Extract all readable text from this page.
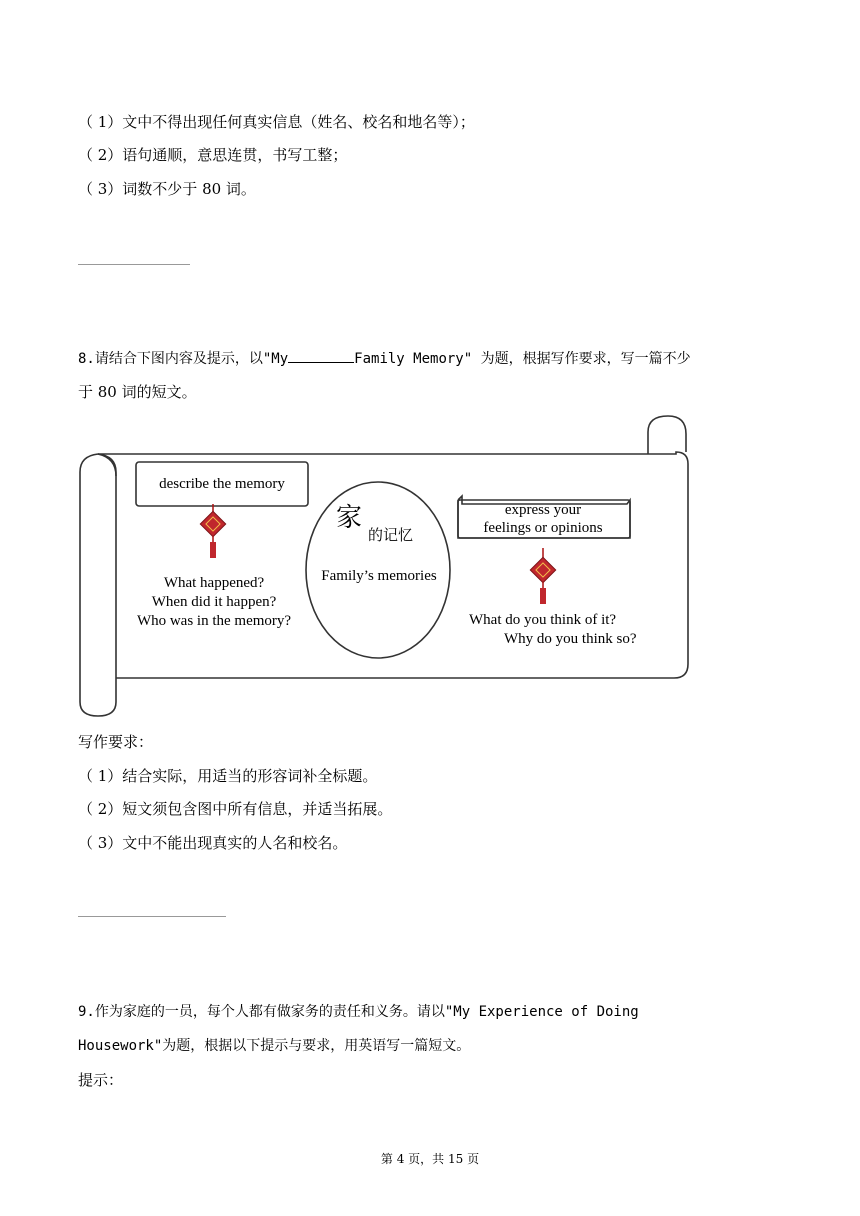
（ 1）文中不得出现任何真实信息（姓名、校名和地名等）；
（ 2）语句通顺，意思连贯，书写工整；
（ 3）词数不少于 80 词。
8.请结合下图内容及提示，以"My	Family Memory" 为题，根据写作要求，写一篇不少
于 80 词的短文。
describe the memory
What happened?
When did it happen?
Who was in the memory?
家
的记忆
Family’s memories
express your
feelings or opinions
What do you think of it?
Why do you think so?
写作要求：
（ 1）结合实际，用适当的形容词补全标题。
（ 2）短文须包含图中所有信息，并适当拓展。
（ 3）文中不能出现真实的人名和校名。
9.作为家庭的一员，每个人都有做家务的责任和义务。请以"My Experience of Doing
Housework"为题，根据以下提示与要求，用英语写一篇短文。
提示：
第 4 页，共 15 页
